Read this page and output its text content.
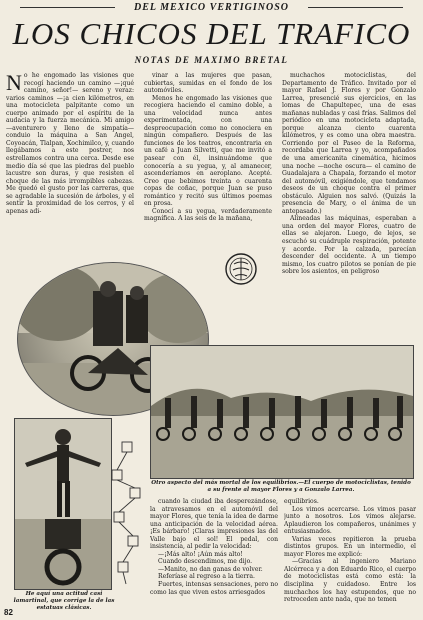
DEL MEXICO VERTIGINOSO
LOS CHICOS DEL TRAFICO
NOTAS DE MAXIMO BRETAL

No he engomado las visiones que recogí haciendo un camino —¡qué camino, señor!— sereno y veraz: varios caminos —¡a cien kilómetros, en una motocicleta palpitante como un cuerpo animado por el espíritu de la audacia y la fuerza mecánica. Mi amigo —aventurero y lleno de simpatía— conduio la máquina a San Angel, Coyoacán, Tlalpan, Xochimilco, y, cuando llegábamos a este postrer, nos estrellamos contra una cerca. Desde ese medio día sé que las piedras del pueblo lacustre son duras, y que resisten el choque de las más irrompibles cabezas. Me quedó el gusto por las carreras, que se agradable la sucesión de árboles, y el sentir la proximidad de los cerros, y el apenas adi-

vinar a las mujeres que pasan, cubiertas, sumidas en el fondo de los automóviles.

Menos he engomado las visiones que recogiera haciendo el camino doble, a una velocidad nunca antes experimentada, con una despreocupación como no conociera en ningún compañero. Después de las funciones de los teatros, encontraria en un café a Juan Silvetti, que me invitó a pasear con él, insinuándome que conocería a su yegua, y, al amanecer, ascenderíamos en aeroplano. Acepté. Creo que bebimos treinta o cuarenta copas de coñac, porque Juan se puso romántico y recitó sus últimos poemas en prosa.

Conocí a su yegua, verdaderamente magnífica. A las seis de la mañana,

muchachos motociclistas, del Departamento de Tráfico. Invitado por el mayor Rafael J. Flores y por Gonzalo Larrea, presencié sus ejercicios, en las lomas de Chapultepec, una de esas mañanas nubladas y casi frías. Salimos del periódico en una motocicleta adaptada, porque alcanza ciento cuarenta kilómetros, y es como una obra maestra. Corriendo por el Paseo de la Reforma, recordaba que Larrea y yo, acompañados de una americanita cinemática, hicimos una noche —noche oscura— el camino de Guadalajara a Chapala, forzando el motor del automóvil, exigiéndole, que tendamos deseos de un choque contra el primer obstáculo. Alguien nos salvó. (Quizás la presencia de Mary, o el ánima de un antepasado.)

Alineadas las máquinas, esperaban a una orden del mayor Flores, cuatro de ellas se alejaron. Luego, de lejos, se escuchó su cuádruple respiración, potente y acorde. Por la calzada, parecían descender del occidente. A un tiempo mismo, los cuatro pilotos se ponían de pie sobre los asientos, en peligroso

Otro aspecto del más mortal de los equilibrios.—El cuerpo de motociclistas, tenido a su frente al mayor Flores y a Gonzalo Larrea.
He aquí una actitud casi lamartinal, que corrige la de las estatuas clásicas.

cuando la ciudad iba desperezándose, la atravesamos en el automóvil del mayor Flores, que tenía la idea de darme una anticipación de la velocidad aérea. ¡Es bárbaro! ¡Claras impresiones las del Valle bajo el sol! El pedal, con insistencia, al pedir la velocidad:

—¡Más alto! ¡Aún más alto!

Cuando descendimos, me dijo.

—Manito, no dan ganas de volver.

Referíase al regreso a la tierra.

Fuertes, intensas sensaciones, pero no como las que viven estos arriesgados

equilibrios.

Los vimos acercarse. Los vimos pasar junto a nosotros. Los vimos alejarse. Aplaudieron los compañeros, unánimes y entusiasmados.

Varias veces repitieron la prueba distintos grupos. En un intermedio, el mayor Flores me explicó:

—Gracias al ingeniero Mariano Alcérreca y a don Eduardo Rico, el cuerpo de motociclistas está como está: la disciplina y cuidadoso. Entre los muchachos los hay estupendos, que no retroceden ante nada, que no temen

82
